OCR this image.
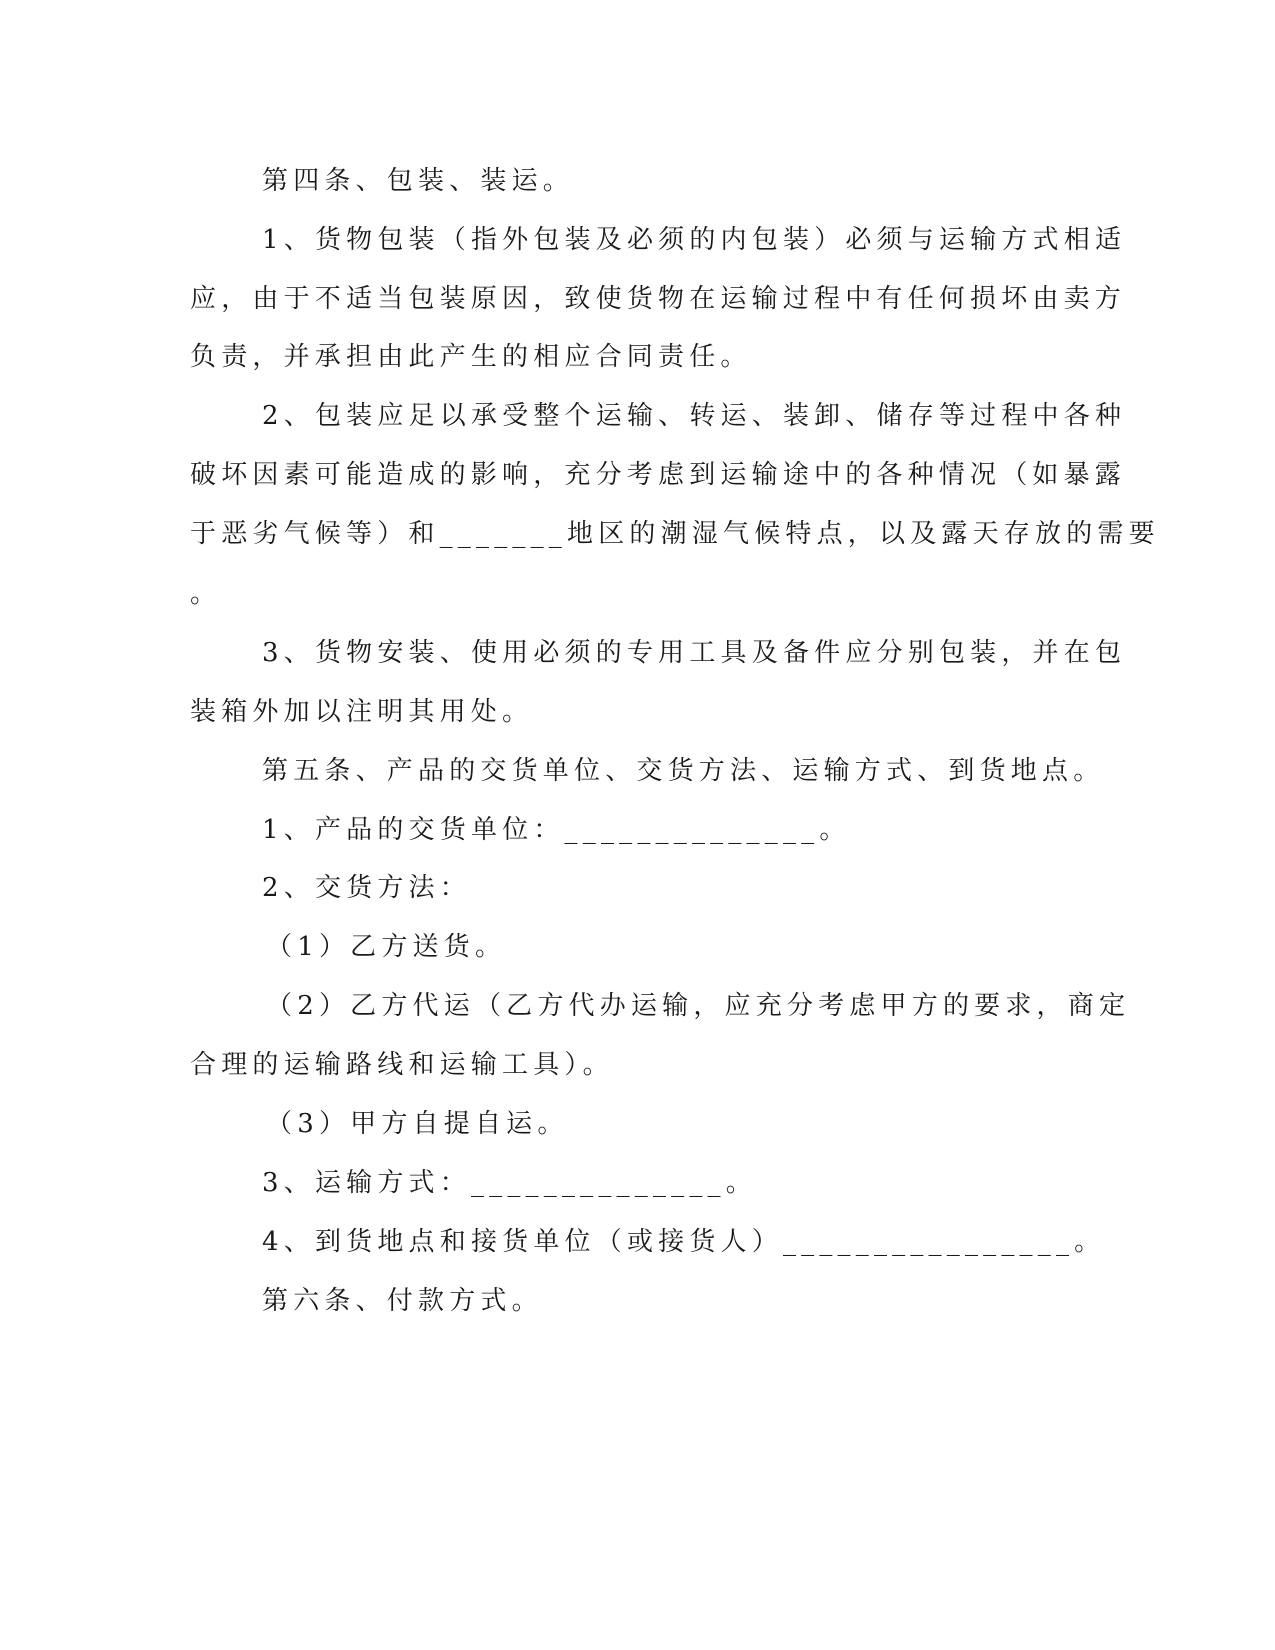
第四条、包装、装运。
1、货物包装（指外包装及必须的内包装）必须与运输方式相适
应，由于不适当包装原因，致使货物在运输过程中有任何损坏由卖方
负责，并承担由此产生的相应合同责任。
2、包装应足以承受整个运输、转运、装卸、储存等过程中各种
破坏因素可能造成的影响，充分考虑到运输途中的各种情况（如暴露
于恶劣气候等）和_______地区的潮湿气候特点，以及露天存放的需要
。
3、货物安装、使用必须的专用工具及备件应分别包装，并在包
装箱外加以注明其用处。
第五条、产品的交货单位、交货方法、运输方式、到货地点。
1、产品的交货单位：______________。
2、交货方法：
（1）乙方送货。
（2）乙方代运（乙方代办运输，应充分考虑甲方的要求，商定
合理的运输路线和运输工具）。
（3）甲方自提自运。
3、运输方式：______________。
4、到货地点和接货单位（或接货人）________________。
第六条、付款方式。
